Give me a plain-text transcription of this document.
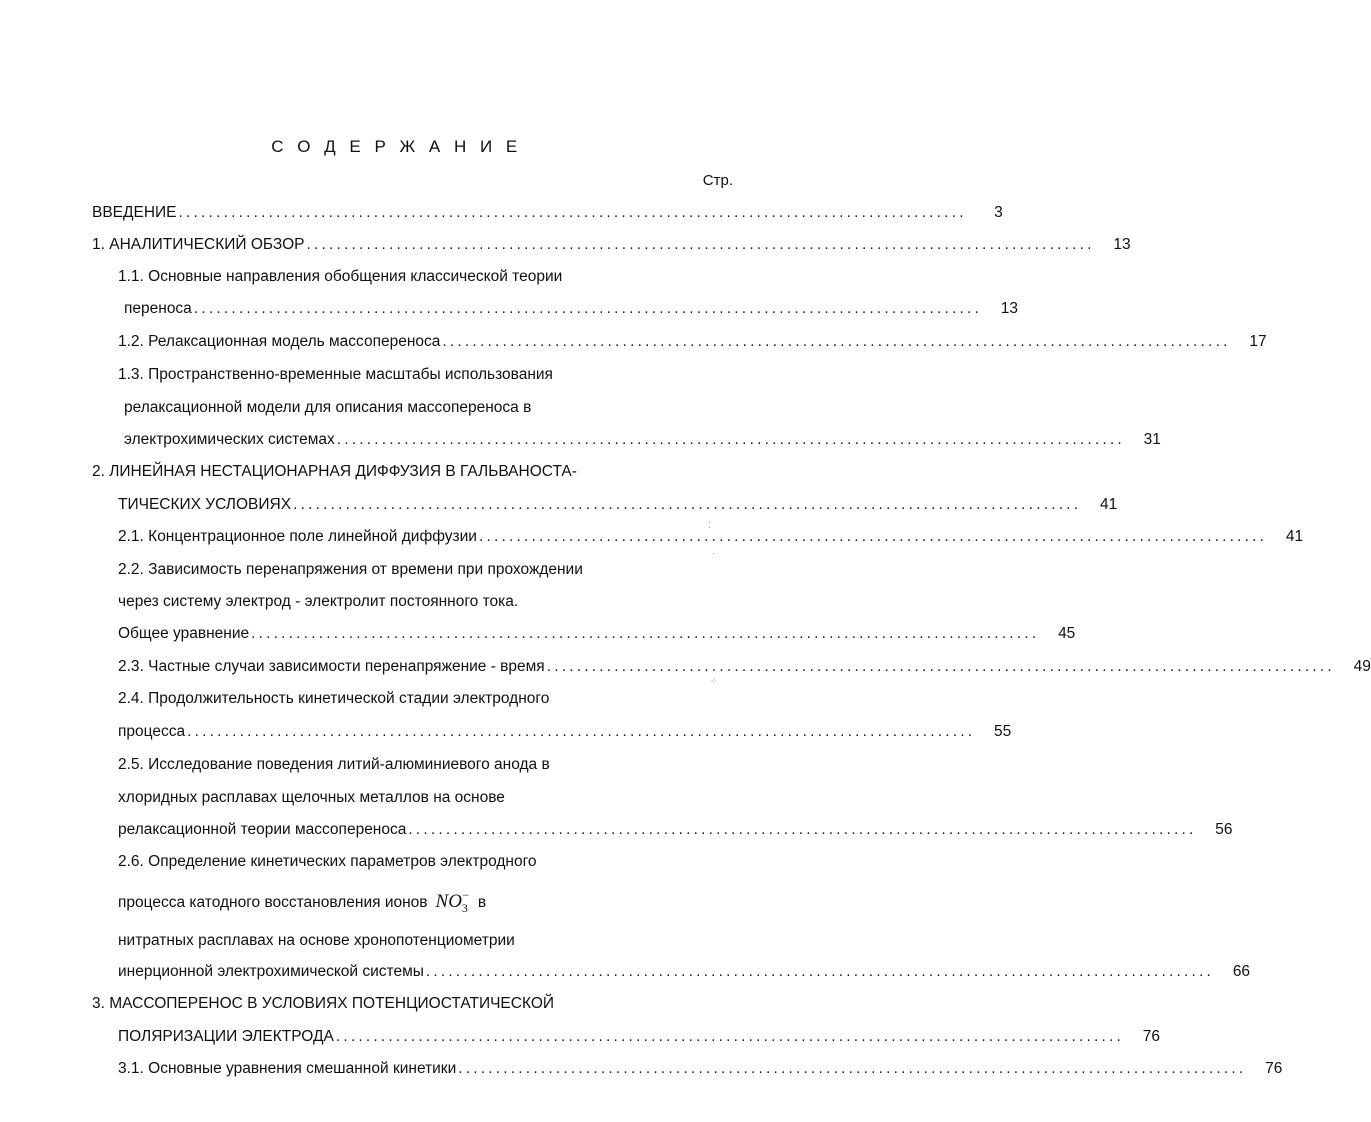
С О Д Е Р Ж А Н И Е
Стр.
ВВЕДЕНИЕ .........................................................................................................	3
1. АНАЛИТИЧЕСКИЙ ОБЗОР .........................................................................................................	13
1.1. Основные направления обобщения классической теории
переноса .........................................................................................................	13
1.2. Релаксационная модель массопереноса .........................................................................................................	17
1.3. Пространственно-временные масштабы использования
релаксационной модели для описания массопереноса в
электрохимических системах .........................................................................................................	31
2. ЛИНЕЙНАЯ НЕСТАЦИОНАРНАЯ ДИФФУЗИЯ В ГАЛЬВАНОСТА-
ТИЧЕСКИХ УСЛОВИЯХ .........................................................................................................	41
2.1. Концентрационное поле линейной диффузии .........................................................................................................	41
2.2. Зависимость перенапряжения от времени при прохождении
через систему электрод - электролит постоянного тока.
Общее уравнение .........................................................................................................	45
2.3. Частные случаи зависимости перенапряжение - время .........................................................................................................	49
2.4. Продолжительность кинетической стадии электродного
процесса .........................................................................................................	55
2.5. Исследование поведения литий-алюминиевого анода в
хлоридных расплавах щелочных металлов на основе
релаксационной теории массопереноса .........................................................................................................	56
2.6. Определение кинетических параметров электродного
процесса катодного восстановления ионов $NO_3$
− в
нитратных расплавах на основе хронопотенциометрии
инерционной электрохимической системы .........................................................................................................	66
3. МАССОПЕРЕНОС В УСЛОВИЯХ ПОТЕНЦИОСТАТИЧЕСКОЙ
ПОЛЯРИЗАЦИИ ЭЛЕКТРОДА .........................................................................................................	76
3.1. Основные уравнения смешанной кинетики .........................................................................................................	76
⁚
·
⁘
